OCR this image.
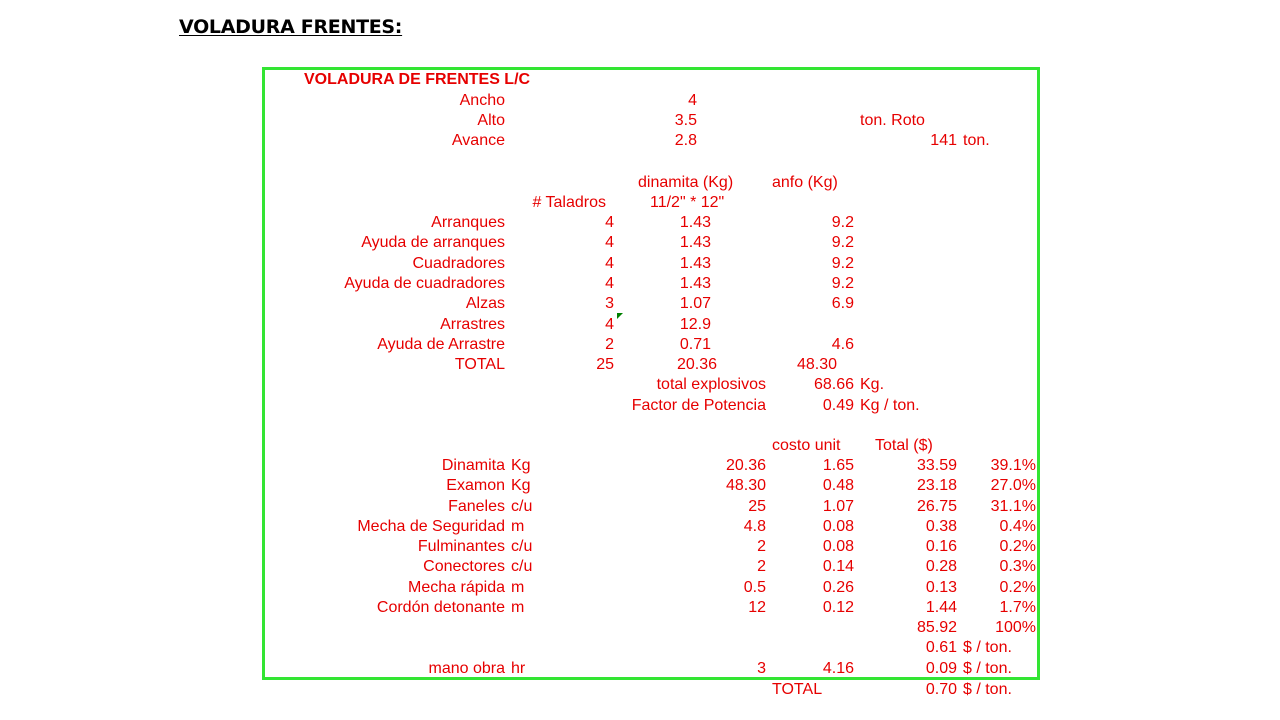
VOLADURA FRENTES:
VOLADURA DE FRENTES L/C
Ancho	4
Alto	3.5
Avance	2.8
ton. Roto
141 ton.
dinamita (Kg) anfo (Kg)
# Taladros	11/2" * 12"
Arranques	4	1.43	9.2
Ayuda de arranques	4	1.43	9.2
Cuadradores	4	1.43	9.2
Ayuda de cuadradores	4	1.43	9.2
Alzas	3	1.07	6.9
Arrastres	4	12.9
Ayuda de Arrastre	2	0.71	4.6
TOTAL	25	20.36	48.30
total explosivos	68.66 Kg.
Factor de Potencia	0.49 Kg / ton.
costo unit Total ($)
Dinamita Kg	20.36	1.65	33.59 39.1%
Examon Kg	48.30	0.48	23.18 27.0%
Faneles c/u	25	1.07	26.75 31.1%
Mecha de Seguridad m	4.8	0.08	0.38	0.4%
Fulminantes c/u	2	0.08	0.16	0.2%
Conectores c/u	2	0.14	0.28	0.3%
Mecha rápida m	0.5	0.26	0.13	0.2%
Cordón detonante m	12	0.12	1.44	1.7%
85.92 100%
0.61 $ / ton.
mano obra hr	3	4.16	0.09 $ / ton.
TOTAL	0.70 $ / ton.
